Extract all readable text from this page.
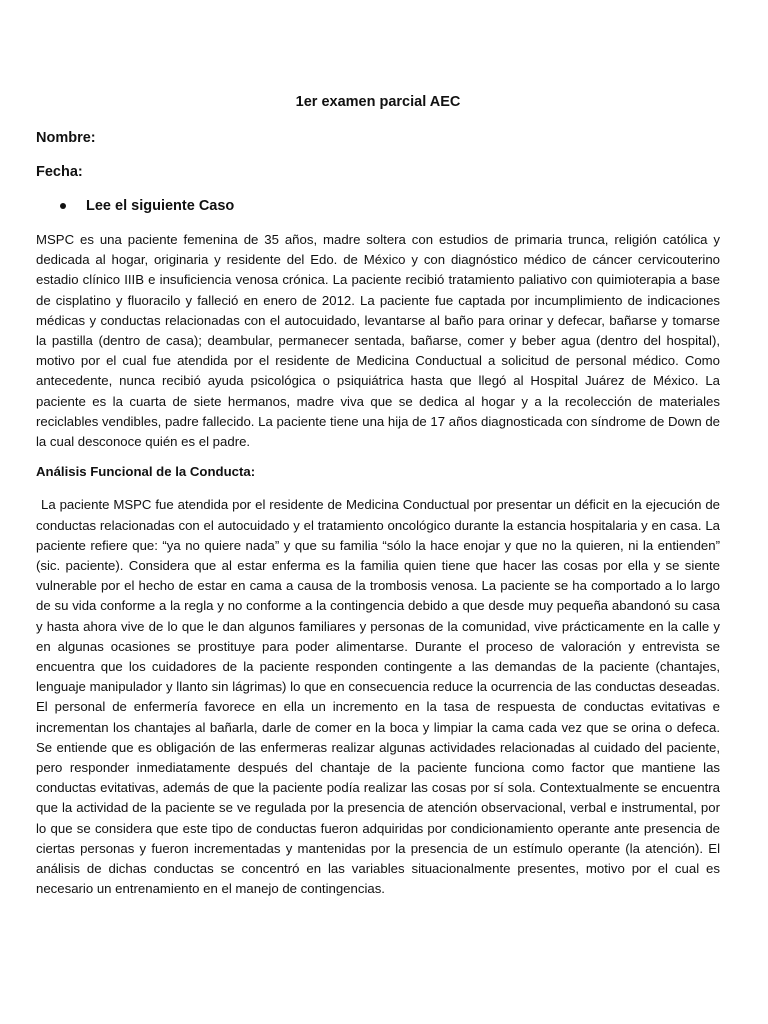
1er examen parcial AEC

Nombre:

Fecha:

Lee el siguiente Caso

MSPC es una paciente femenina de 35 años, madre soltera con estudios de primaria trunca, religión católica y dedicada al hogar, originaria y residente del Edo. de México y con diagnóstico médico de cáncer cervicouterino estadio clínico IIIB e insuficiencia venosa crónica. La paciente recibió tratamiento paliativo con quimioterapia a base de cisplatino y fluoracilo y falleció en enero de 2012. La paciente fue captada por incumplimiento de indicaciones médicas y conductas relacionadas con el autocuidado, levantarse al baño para orinar y defecar, bañarse y tomarse la pastilla (dentro de casa); deambular, permanecer sentada, bañarse, comer y beber agua (dentro del hospital), motivo por el cual fue atendida por el residente de Medicina Conductual a solicitud de personal médico. Como antecedente, nunca recibió ayuda psicológica o psiquiátrica hasta que llegó al Hospital Juárez de México. La paciente es la cuarta de siete hermanos, madre viva que se dedica al hogar y a la recolección de materiales reciclables vendibles, padre fallecido. La paciente tiene una hija de 17 años diagnosticada con síndrome de Down de la cual desconoce quién es el padre.

Análisis Funcional de la Conducta:

La paciente MSPC fue atendida por el residente de Medicina Conductual por presentar un déficit en la ejecución de conductas relacionadas con el autocuidado y el tratamiento oncológico durante la estancia hospitalaria y en casa. La paciente refiere que: “ya no quiere nada” y que su familia “sólo la hace enojar y que no la quieren, ni la entienden” (sic. paciente). Considera que al estar enferma es la familia quien tiene que hacer las cosas por ella y se siente vulnerable por el hecho de estar en cama a causa de la trombosis venosa. La paciente se ha comportado a lo largo de su vida conforme a la regla y no conforme a la contingencia debido a que desde muy pequeña abandonó su casa y hasta ahora vive de lo que le dan algunos familiares y personas de la comunidad, vive prácticamente en la calle y en algunas ocasiones se prostituye para poder alimentarse. Durante el proceso de valoración y entrevista se encuentra que los cuidadores de la paciente responden contingente a las demandas de la paciente (chantajes, lenguaje manipulador y llanto sin lágrimas) lo que en consecuencia reduce la ocurrencia de las conductas deseadas. El personal de enfermería favorece en ella un incremento en la tasa de respuesta de conductas evitativas e incrementan los chantajes al bañarla, darle de comer en la boca y limpiar la cama cada vez que se orina o defeca. Se entiende que es obligación de las enfermeras realizar algunas actividades relacionadas al cuidado del paciente, pero responder inmediatamente después del chantaje de la paciente funciona como factor que mantiene las conductas evitativas, además de que la paciente podía realizar las cosas por sí sola. Contextualmente se encuentra que la actividad de la paciente se ve regulada por la presencia de atención observacional, verbal e instrumental, por lo que se considera que este tipo de conductas fueron adquiridas por condicionamiento operante ante presencia de ciertas personas y fueron incrementadas y mantenidas por la presencia de un estímulo operante (la atención). El análisis de dichas conductas se concentró en las variables situacionalmente presentes, motivo por el cual es necesario un entrenamiento en el manejo de contingencias.
